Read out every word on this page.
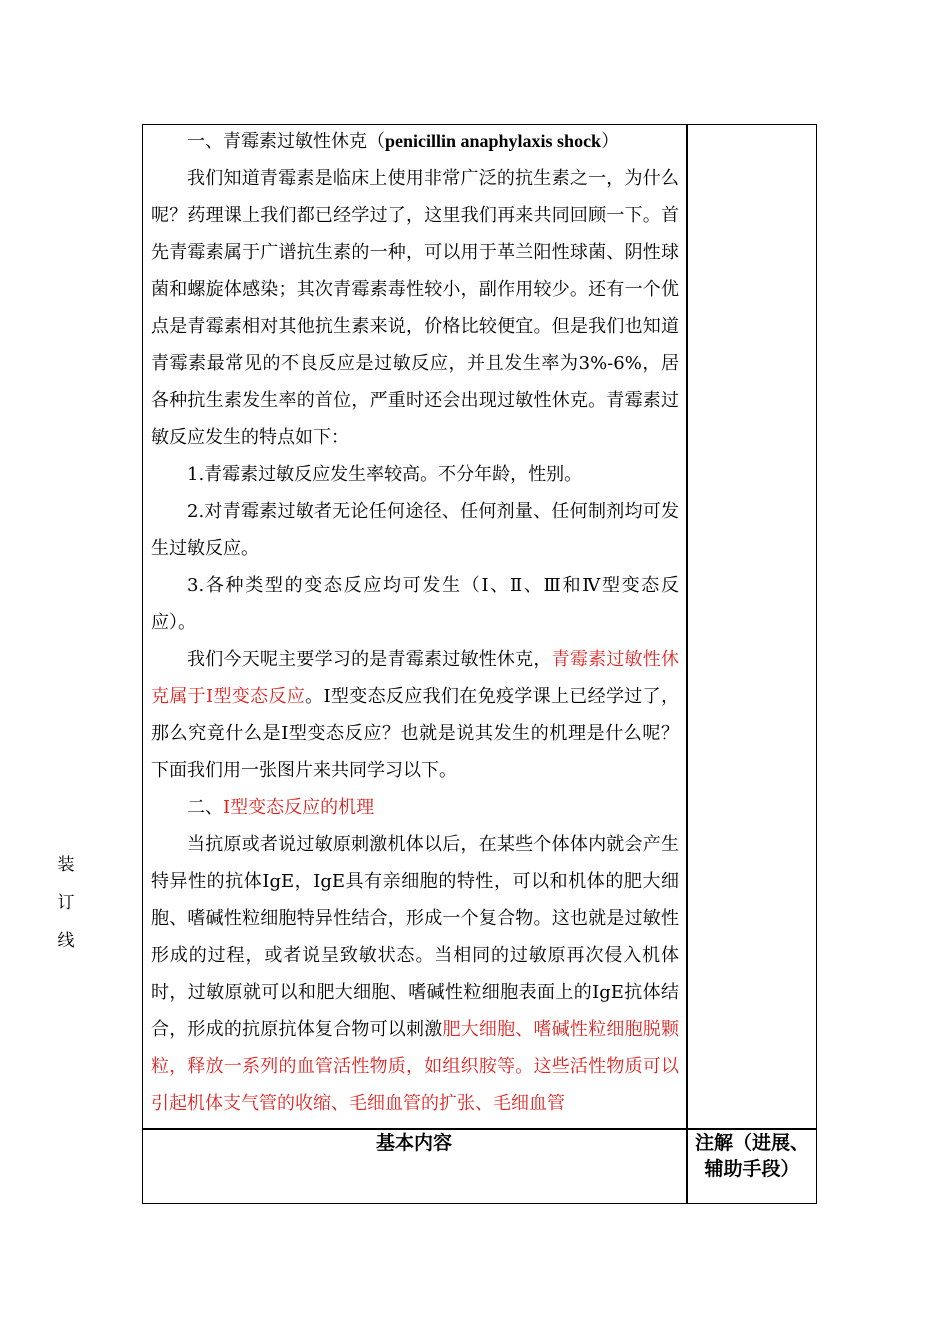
装
订
线

一、青霉素过敏性休克（penicillin anaphylaxis shock）

我们知道青霉素是临床上使用非常广泛的抗生素之一，为什么呢？药理课上我们都已经学过了，这里我们再来共同回顾一下。首先青霉素属于广谱抗生素的一种，可以用于革兰阳性球菌、阴性球菌和螺旋体感染；其次青霉素毒性较小，副作用较少。还有一个优点是青霉素相对其他抗生素来说，价格比较便宜。但是我们也知道青霉素最常见的不良反应是过敏反应，并且发生率为3%-6%，居各种抗生素发生率的首位，严重时还会出现过敏性休克。青霉素过敏反应发生的特点如下：

1.青霉素过敏反应发生率较高。不分年龄，性别。

2.对青霉素过敏者无论任何途径、任何剂量、任何制剂均可发生过敏反应。

3.各种类型的变态反应均可发生（Ⅰ、Ⅱ、Ⅲ和Ⅳ型变态反应）。

我们今天呢主要学习的是青霉素过敏性休克，青霉素过敏性休克属于Ⅰ型变态反应。Ⅰ型变态反应我们在免疫学课上已经学过了，那么究竟什么是Ⅰ型变态反应？也就是说其发生的机理是什么呢？下面我们用一张图片来共同学习以下。

二、Ⅰ型变态反应的机理

当抗原或者说过敏原刺激机体以后，在某些个体体内就会产生特异性的抗体IgE，IgE具有亲细胞的特性，可以和机体的肥大细胞、嗜碱性粒细胞特异性结合，形成一个复合物。这也就是过敏性形成的过程，或者说呈致敏状态。当相同的过敏原再次侵入机体时，过敏原就可以和肥大细胞、嗜碱性粒细胞表面上的IgE抗体结合，形成的抗原抗体复合物可以刺激肥大细胞、嗜碱性粒细胞脱颗粒，释放一系列的血管活性物质，如组织胺等。这些活性物质可以引起机体支气管的收缩、毛细血管的扩张、毛细血管

基本内容	注解（进展、辅助手段）
